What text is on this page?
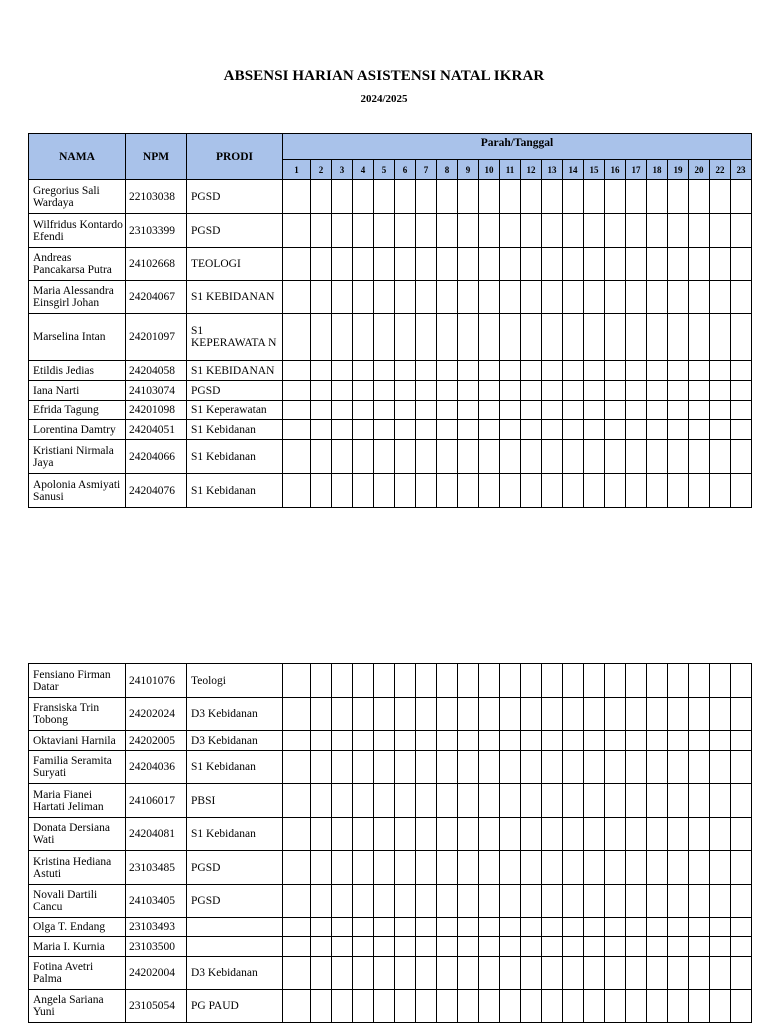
ABSENSI HARIAN ASISTENSI NATAL IKRAR
2024/2025
NAMA	NPM	PRODI	Parah/Tanggal																					
			1	2	3	4	5	6	7	8	9	10	11	12	13	14	15	16	17	18	19	20	22	23
Gregorius Sali Wardaya	22103038	PGSD																						
Wilfridus Kontardo Efendi	23103399	PGSD																						
Andreas Pancakarsa Putra	24102668	TEOLOGI																						
Maria Alessandra Einsgirl Johan	24204067	S1 KEBIDANAN																						
Marselina Intan	24201097	S1 KEPERAWATA N																						
Etildis Jedias	24204058	S1 KEBIDANAN																						
Iana Narti	24103074	PGSD																						
Efrida Tagung	24201098	S1 Keperawatan																						
Lorentina Damtry	24204051	S1 Kebidanan																						
Kristiani Nirmala Jaya	24204066	S1 Kebidanan																						
Apolonia Asmiyati Sanusi	24204076	S1 Kebidanan																						
Fensiano Firman Datar	24101076	Teologi																						
Fransiska Trin Tobong	24202024	D3 Kebidanan																						
Oktaviani Harnila	24202005	D3 Kebidanan																						
Familia Seramita Suryati	24204036	S1 Kebidanan																						
Maria Fianei Hartati Jeliman	24106017	PBSI																						
Donata Dersiana Wati	24204081	S1 Kebidanan																						
Kristina Hediana Astuti	23103485	PGSD																						
Novali Dartili Cancu	24103405	PGSD																						
Olga T. Endang	23103493																							
Maria I. Kurnia	23103500																							
Fotina Avetri Palma	24202004	D3 Kebidanan																						
Angela Sariana Yuni	23105054	PG PAUD																						
